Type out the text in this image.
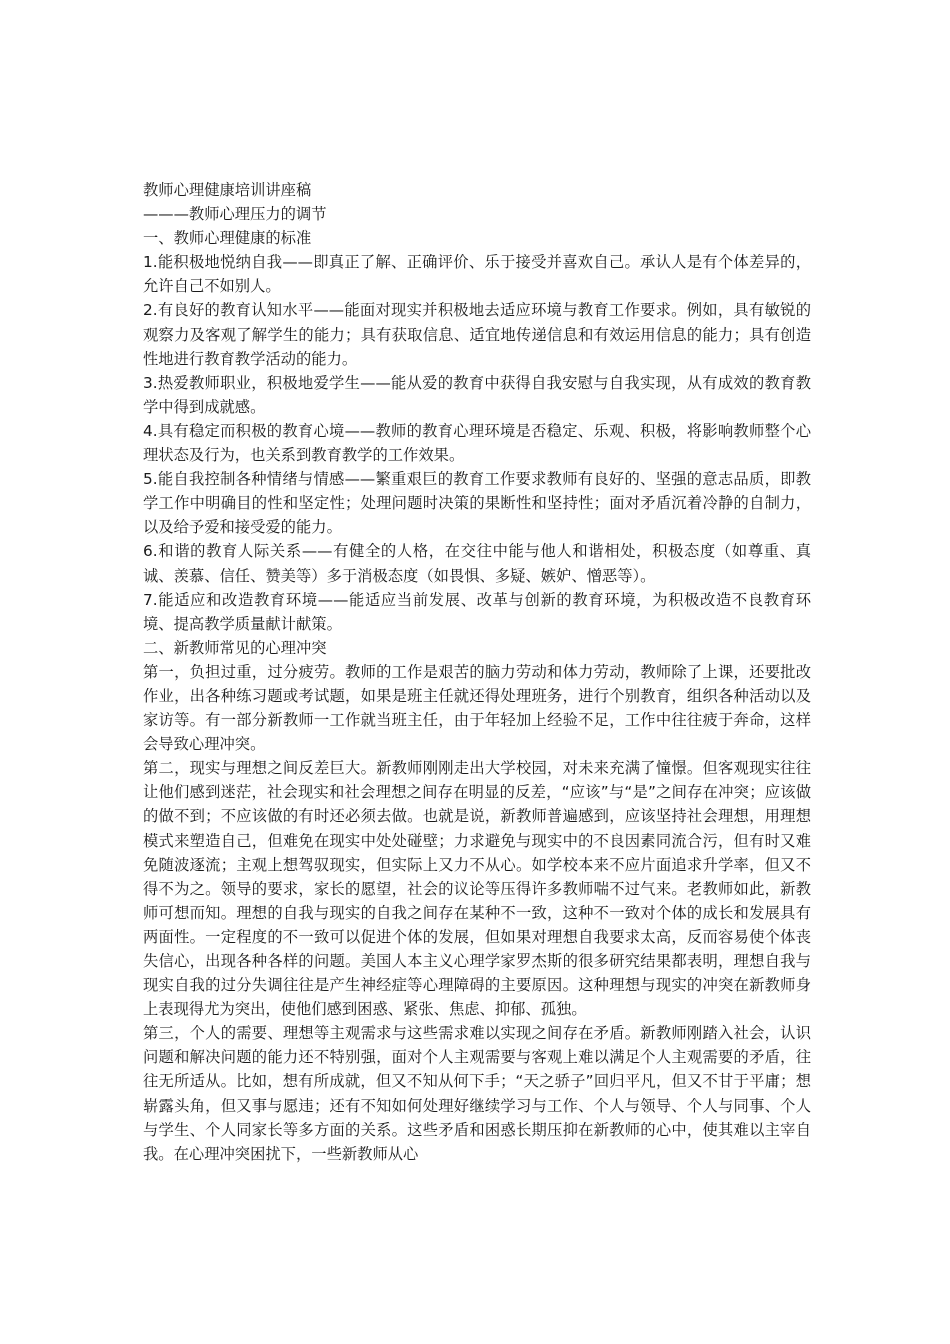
教师心理健康培训讲座稿

———教师心理压力的调节

一、教师心理健康的标准

1.能积极地悦纳自我——即真正了解、正确评价、乐于接受并喜欢自己。承认人是有个体差异的，允许自己不如别人。

2.有良好的教育认知水平——能面对现实并积极地去适应环境与教育工作要求。例如，具有敏锐的观察力及客观了解学生的能力；具有获取信息、适宜地传递信息和有效运用信息的能力；具有创造性地进行教育教学活动的能力。

3.热爱教师职业，积极地爱学生——能从爱的教育中获得自我安慰与自我实现，从有成效的教育教学中得到成就感。

4.具有稳定而积极的教育心境——教师的教育心理环境是否稳定、乐观、积极，将影响教师整个心理状态及行为，也关系到教育教学的工作效果。

5.能自我控制各种情绪与情感——繁重艰巨的教育工作要求教师有良好的、坚强的意志品质，即教学工作中明确目的性和坚定性；处理问题时决策的果断性和坚持性；面对矛盾沉着冷静的自制力，以及给予爱和接受爱的能力。

6.和谐的教育人际关系——有健全的人格，在交往中能与他人和谐相处，积极态度（如尊重、真诚、羡慕、信任、赞美等）多于消极态度（如畏惧、多疑、嫉妒、憎恶等）。

7.能适应和改造教育环境——能适应当前发展、改革与创新的教育环境，为积极改造不良教育环境、提高教学质量献计献策。

二、新教师常见的心理冲突

第一，负担过重，过分疲劳。教师的工作是艰苦的脑力劳动和体力劳动，教师除了上课，还要批改作业，出各种练习题或考试题，如果是班主任就还得处理班务，进行个别教育，组织各种活动以及家访等。有一部分新教师一工作就当班主任，由于年轻加上经验不足，工作中往往疲于奔命，这样会导致心理冲突。

第二，现实与理想之间反差巨大。新教师刚刚走出大学校园，对未来充满了憧憬。但客观现实往往让他们感到迷茫，社会现实和社会理想之间存在明显的反差，“应该”与“是”之间存在冲突；应该做的做不到；不应该做的有时还必须去做。也就是说，新教师普遍感到，应该坚持社会理想，用理想模式来塑造自己，但难免在现实中处处碰壁；力求避免与现实中的不良因素同流合污，但有时又难免随波逐流；主观上想驾驭现实，但实际上又力不从心。如学校本来不应片面追求升学率，但又不得不为之。领导的要求，家长的愿望，社会的议论等压得许多教师喘不过气来。老教师如此，新教师可想而知。理想的自我与现实的自我之间存在某种不一致，这种不一致对个体的成长和发展具有两面性。一定程度的不一致可以促进个体的发展，但如果对理想自我要求太高，反而容易使个体丧失信心，出现各种各样的问题。美国人本主义心理学家罗杰斯的很多研究结果都表明，理想自我与现实自我的过分失调往往是产生神经症等心理障碍的主要原因。这种理想与现实的冲突在新教师身上表现得尤为突出，使他们感到困惑、紧张、焦虑、抑郁、孤独。

第三，个人的需要、理想等主观需求与这些需求难以实现之间存在矛盾。新教师刚踏入社会，认识问题和解决问题的能力还不特别强，面对个人主观需要与客观上难以满足个人主观需要的矛盾，往往无所适从。比如，想有所成就，但又不知从何下手；“天之骄子”回归平凡，但又不甘于平庸；想崭露头角，但又事与愿违；还有不知如何处理好继续学习与工作、个人与领导、个人与同事、个人与学生、个人同家长等多方面的关系。这些矛盾和困惑长期压抑在新教师的心中，使其难以主宰自我。在心理冲突困扰下，一些新教师从心
